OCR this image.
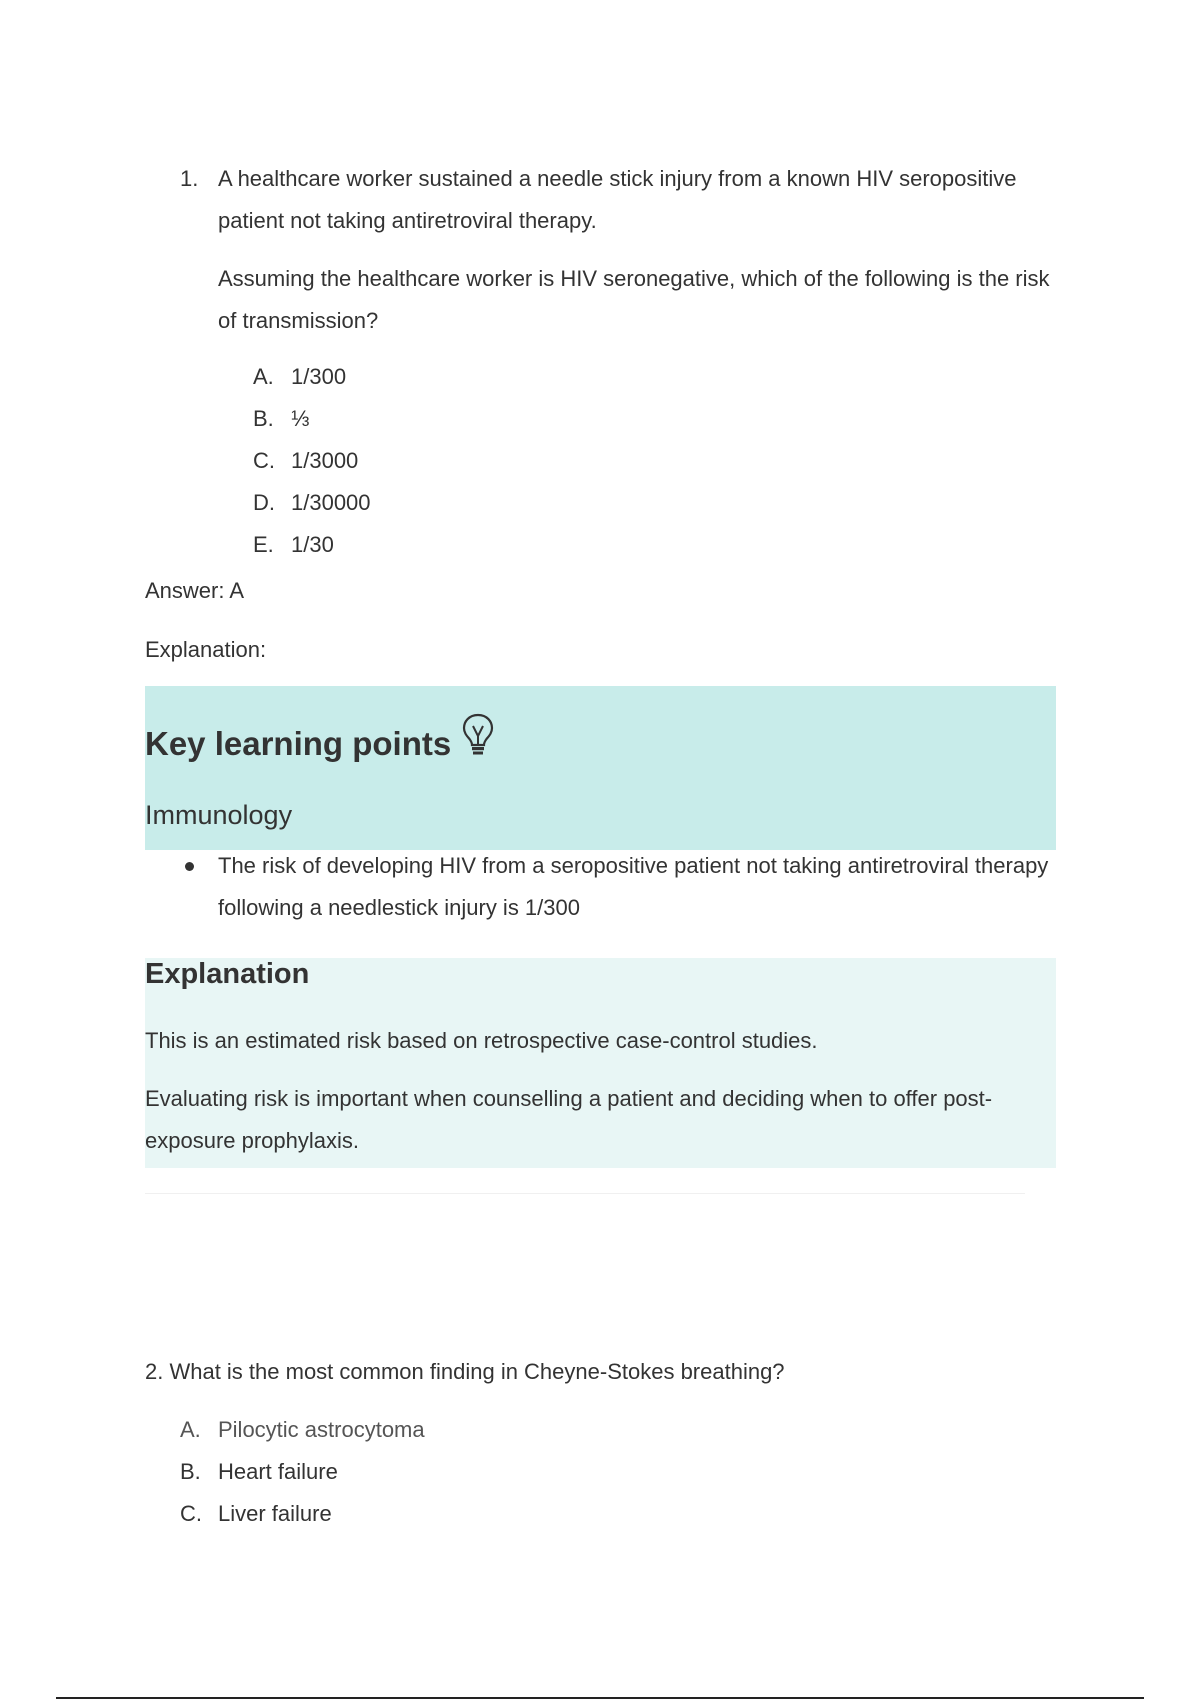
1. A healthcare worker sustained a needle stick injury from a known HIV seropositive patient not taking antiretroviral therapy.
Assuming the healthcare worker is HIV seronegative, which of the following is the risk of transmission?
A. 1/300
B. ⅓
C. 1/3000
D. 1/30000
E. 1/30
Answer: A
Explanation:
Key learning points
Immunology
The risk of developing HIV from a seropositive patient not taking antiretroviral therapy following a needlestick injury is 1/300
Explanation
This is an estimated risk based on retrospective case-control studies.
Evaluating risk is important when counselling a patient and deciding when to offer post-exposure prophylaxis.
2. What is the most common finding in Cheyne-Stokes breathing?
A. Pilocytic astrocytoma
B. Heart failure
C. Liver failure
